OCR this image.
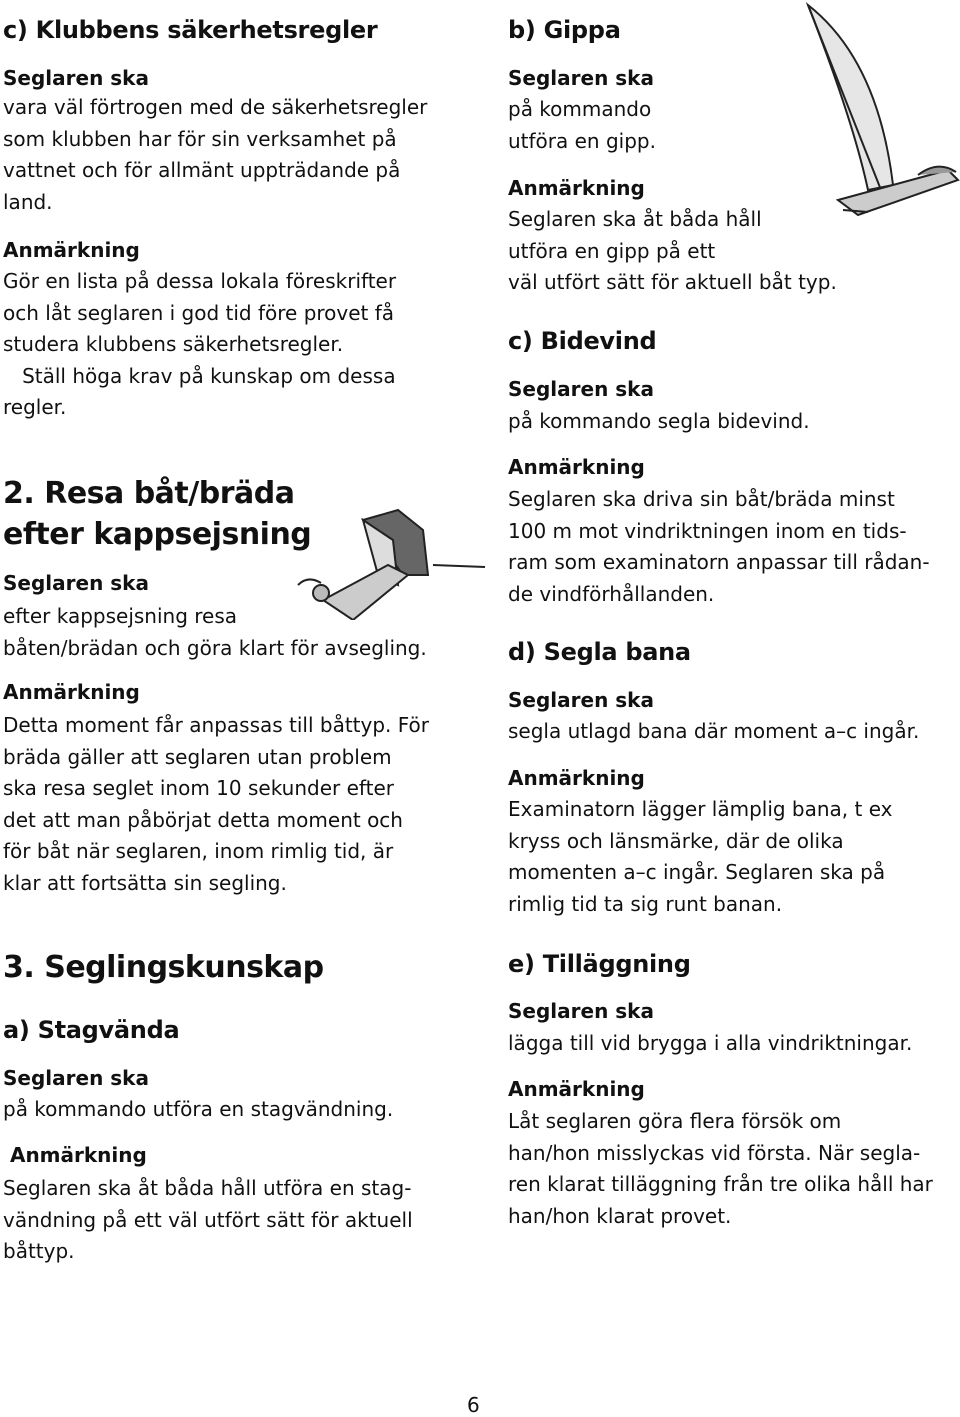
c) Klubbens säkerhetsregler
Seglaren ska
vara väl förtrogen med de säkerhetsregler
som klubben har för sin verksamhet på
vattnet och för allmänt uppträdande på
land.
Anmärkning
Gör en lista på dessa lokala föreskrifter
och låt seglaren i god tid före provet få
studera klubbens säkerhetsregler.
Ställ höga krav på kunskap om dessa
regler.
2. Resa båt/bräda
efter kappsejsning
Seglaren ska
efter kappsejsning resa
båten/brädan och göra klart för avsegling.
Anmärkning
Detta moment får anpassas till båttyp. För
bräda gäller att seglaren utan problem
ska resa seglet inom 10 sekunder efter
det att man påbörjat detta moment och
för båt när seglaren, inom rimlig tid, är
klar att fortsätta sin segling.
3. Seglingskunskap
a) Stagvända
Seglaren ska
på kommando utföra en stagvändning.
Anmärkning
Seglaren ska åt båda håll utföra en stag-
vändning på ett väl utfört sätt för aktuell
båttyp.
b) Gippa
Seglaren ska
på kommando
utföra en gipp.
Anmärkning
Seglaren ska åt båda håll
utföra en gipp på ett
väl utfört sätt för aktuell båt typ.
c) Bidevind
Seglaren ska
på kommando segla bidevind.
Anmärkning
Seglaren ska driva sin båt/bräda minst
100 m mot vindriktningen inom en tids-
ram som examinatorn anpassar till rådan-
de vindförhållanden.
d) Segla bana
Seglaren ska
segla utlagd bana där moment a–c ingår.
Anmärkning
Examinatorn lägger lämplig bana, t ex
kryss och länsmärke, där de olika
momenten a–c ingår. Seglaren ska på
rimlig tid ta sig runt banan.
e) Tilläggning
Seglaren ska
lägga till vid brygga i alla vindriktningar.
Anmärkning
Låt seglaren göra flera försök om
han/hon misslyckas vid första. När segla-
ren klarat tilläggning från tre olika håll har
han/hon klarat provet.
6
